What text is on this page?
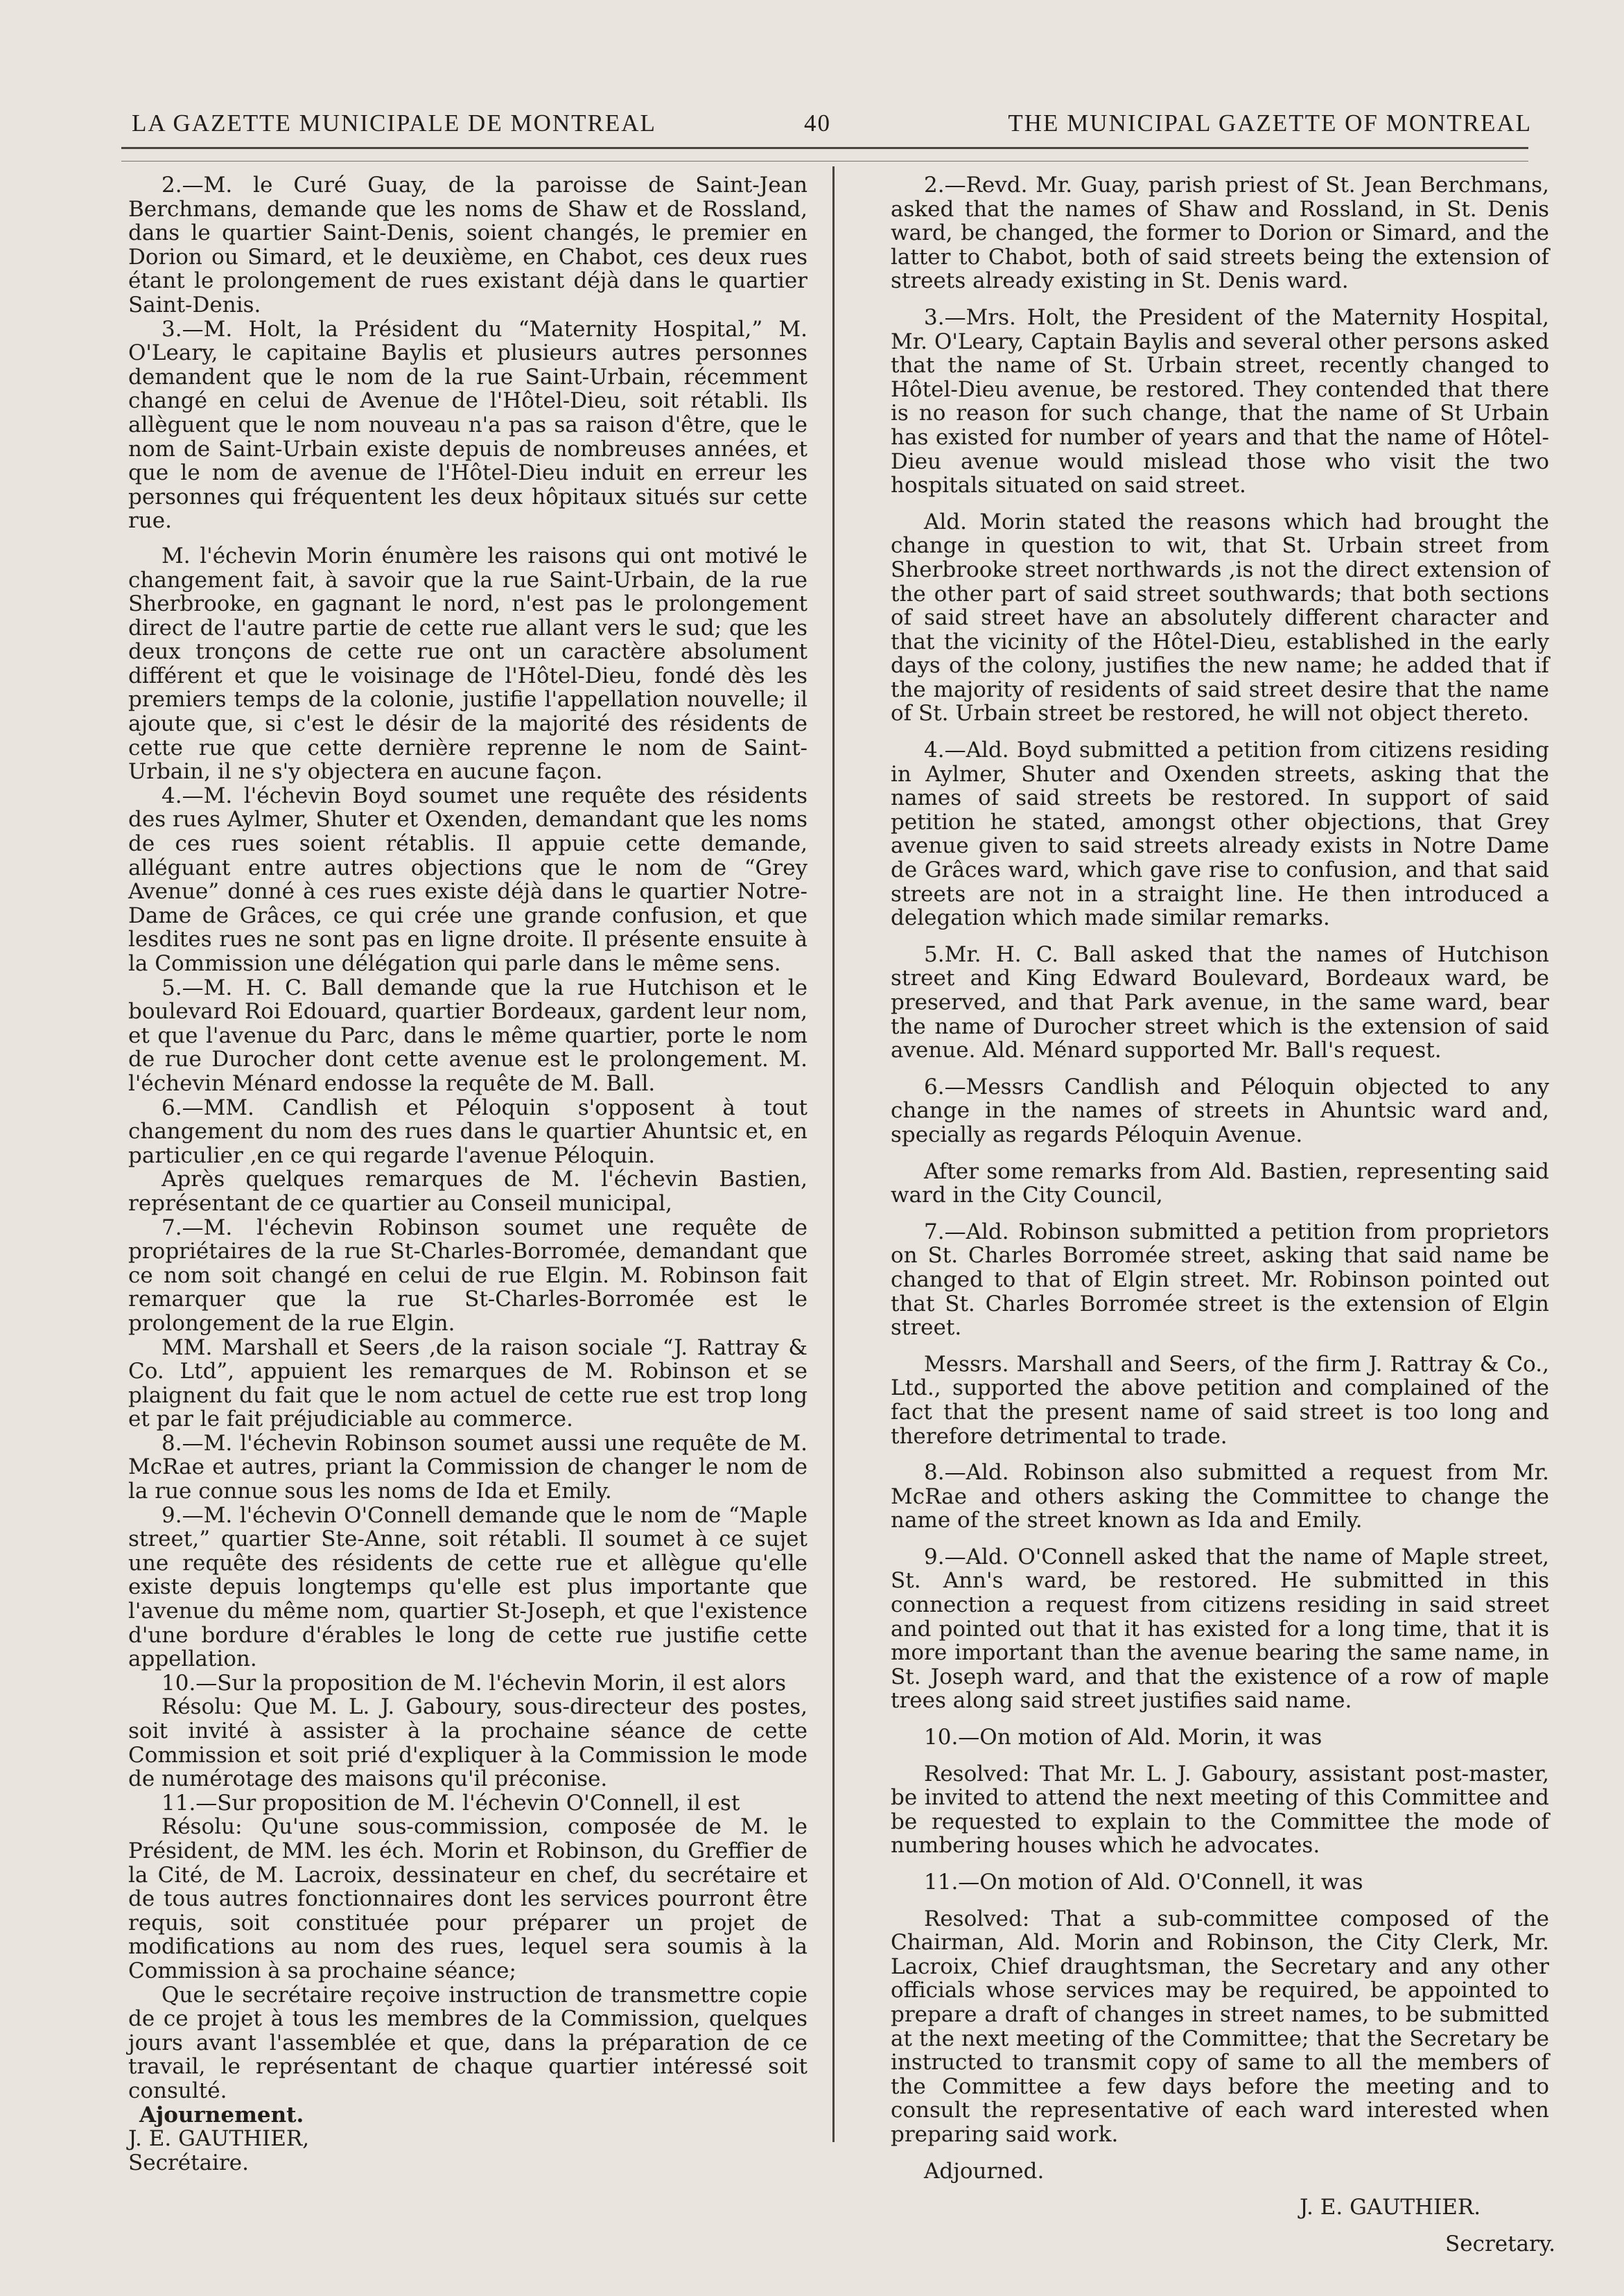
LA GAZETTE MUNICIPALE DE MONTREAL	40	THE MUNICIPAL GAZETTE OF MONTREAL

2.—M. le Curé Guay, de la paroisse de Saint-Jean Berchmans, demande que les noms de Shaw et de Rossland, dans le quartier Saint-Denis, soient changés, le premier en Dorion ou Simard, et le deuxième, en Chabot, ces deux rues étant le prolongement de rues existant déjà dans le quartier Saint-Denis.

3.—M. Holt, la Président du “Maternity Hospital,” M. O'Leary, le capitaine Baylis et plusieurs autres personnes demandent que le nom de la rue Saint-Urbain, récemment changé en celui de Avenue de l'Hôtel-Dieu, soit rétabli. Ils allèguent que le nom nouveau n'a pas sa raison d'être, que le nom de Saint-Urbain existe depuis de nombreuses années, et que le nom de avenue de l'Hôtel-Dieu induit en erreur les personnes qui fréquentent les deux hôpitaux situés sur cette rue.

M. l'échevin Morin énumère les raisons qui ont motivé le changement fait, à savoir que la rue Saint-Urbain, de la rue Sherbrooke, en gagnant le nord, n'est pas le prolongement direct de l'autre partie de cette rue allant vers le sud; que les deux tronçons de cette rue ont un caractère absolument différent et que le voisinage de l'Hôtel-Dieu, fondé dès les premiers temps de la colonie, justifie l'appellation nouvelle; il ajoute que, si c'est le désir de la majorité des résidents de cette rue que cette dernière reprenne le nom de Saint-Urbain, il ne s'y objectera en aucune façon.

4.—M. l'échevin Boyd soumet une requête des résidents des rues Aylmer, Shuter et Oxenden, demandant que les noms de ces rues soient rétablis. Il appuie cette demande, alléguant entre autres objections que le nom de “Grey Avenue” donné à ces rues existe déjà dans le quartier Notre-Dame de Grâces, ce qui crée une grande confusion, et que lesdites rues ne sont pas en ligne droite. Il présente ensuite à la Commission une délégation qui parle dans le même sens.

5.—M. H. C. Ball demande que la rue Hutchison et le boulevard Roi Edouard, quartier Bordeaux, gardent leur nom, et que l'avenue du Parc, dans le même quartier, porte le nom de rue Durocher dont cette avenue est le prolongement. M. l'échevin Ménard endosse la requête de M. Ball.

6.—MM. Candlish et Péloquin s'opposent à tout changement du nom des rues dans le quartier Ahuntsic et, en particulier ,en ce qui regarde l'avenue Péloquin.

Après quelques remarques de M. l'échevin Bastien, représentant de ce quartier au Conseil municipal,

7.—M. l'échevin Robinson soumet une requête de propriétaires de la rue St-Charles-Borromée, demandant que ce nom soit changé en celui de rue Elgin. M. Robinson fait remarquer que la rue St-Charles-Borromée est le prolongement de la rue Elgin.

MM. Marshall et Seers ,de la raison sociale “J. Rattray & Co. Ltd”, appuient les remarques de M. Robinson et se plaignent du fait que le nom actuel de cette rue est trop long et par le fait préjudiciable au commerce.

8.—M. l'échevin Robinson soumet aussi une requête de M. McRae et autres, priant la Commission de changer le nom de la rue connue sous les noms de Ida et Emily.

9.—M. l'échevin O'Connell demande que le nom de “Maple street,” quartier Ste-Anne, soit rétabli. Il soumet à ce sujet une requête des résidents de cette rue et allègue qu'elle existe depuis longtemps qu'elle est plus importante que l'avenue du même nom, quartier St-Joseph, et que l'existence d'une bordure d'érables le long de cette rue justifie cette appellation.

10.—Sur la proposition de M. l'échevin Morin, il est alors

Résolu: Que M. L. J. Gaboury, sous-directeur des postes, soit invité à assister à la prochaine séance de cette Commission et soit prié d'expliquer à la Commission le mode de numérotage des maisons qu'il préconise.

11.—Sur proposition de M. l'échevin O'Connell, il est

Résolu: Qu'une sous-commission, composée de M. le Président, de MM. les éch. Morin et Robinson, du Greffier de la Cité, de M. Lacroix, dessinateur en chef, du secrétaire et de tous autres fonctionnaires dont les services pourront être requis, soit constituée pour préparer un projet de modifications au nom des rues, lequel sera soumis à la Commission à sa prochaine séance;

Que le secrétaire reçoive instruction de transmettre copie de ce projet à tous les membres de la Commission, quelques jours avant l'assemblée et que, dans la préparation de ce travail, le représentant de chaque quartier intéressé soit consulté.

Ajournement.

J. E. GAUTHIER,

Secrétaire.

2.—Revd. Mr. Guay, parish priest of St. Jean Berchmans, asked that the names of Shaw and Rossland, in St. Denis ward, be changed, the former to Dorion or Simard, and the latter to Chabot, both of said streets being the extension of streets already existing in St. Denis ward.

3.—Mrs. Holt, the President of the Maternity Hospital, Mr. O'Leary, Captain Baylis and several other persons asked that the name of St. Urbain street, recently changed to Hôtel-Dieu avenue, be restored. They contended that there is no reason for such change, that the name of St Urbain has existed for number of years and that the name of Hôtel-Dieu avenue would mislead those who visit the two hospitals situated on said street.

Ald. Morin stated the reasons which had brought the change in question to wit, that St. Urbain street from Sherbrooke street northwards ,is not the direct extension of the other part of said street southwards; that both sections of said street have an absolutely different character and that the vicinity of the Hôtel-Dieu, established in the early days of the colony, justifies the new name; he added that if the majority of residents of said street desire that the name of St. Urbain street be restored, he will not object thereto.

4.—Ald. Boyd submitted a petition from citizens residing in Aylmer, Shuter and Oxenden streets, asking that the names of said streets be restored. In support of said petition he stated, amongst other objections, that Grey avenue given to said streets already exists in Notre Dame de Grâces ward, which gave rise to confusion, and that said streets are not in a straight line. He then introduced a delegation which made similar remarks.

5.Mr. H. C. Ball asked that the names of Hutchison street and King Edward Boulevard, Bordeaux ward, be preserved, and that Park avenue, in the same ward, bear the name of Durocher street which is the extension of said avenue. Ald. Ménard supported Mr. Ball's request.

6.—Messrs Candlish and Péloquin objected to any change in the names of streets in Ahuntsic ward and, specially as regards Péloquin Avenue.

After some remarks from Ald. Bastien, representing said ward in the City Council,

7.—Ald. Robinson submitted a petition from proprietors on St. Charles Borromée street, asking that said name be changed to that of Elgin street. Mr. Robinson pointed out that St. Charles Borromée street is the extension of Elgin street.

Messrs. Marshall and Seers, of the firm J. Rattray & Co., Ltd., supported the above petition and complained of the fact that the present name of said street is too long and therefore detrimental to trade.

8.—Ald. Robinson also submitted a request from Mr. McRae and others asking the Committee to change the name of the street known as Ida and Emily.

9.—Ald. O'Connell asked that the name of Maple street, St. Ann's ward, be restored. He submitted in this connection a request from citizens residing in said street and pointed out that it has existed for a long time, that it is more important than the avenue bearing the same name, in St. Joseph ward, and that the existence of a row of maple trees along said street justifies said name.

10.—On motion of Ald. Morin, it was

Resolved: That Mr. L. J. Gaboury, assistant post-master, be invited to attend the next meeting of this Committee and be requested to explain to the Committee the mode of numbering houses which he advocates.

11.—On motion of Ald. O'Connell, it was

Resolved: That a sub-committee composed of the Chairman, Ald. Morin and Robinson, the City Clerk, Mr. Lacroix, Chief draughtsman, the Secretary and any other officials whose services may be required, be appointed to prepare a draft of changes in street names, to be submitted at the next meeting of the Committee; that the Secretary be instructed to transmit copy of same to all the members of the Committee a few days before the meeting and to consult the representative of each ward interested when preparing said work.

Adjourned.

J. E. GAUTHIER.

Secretary.
